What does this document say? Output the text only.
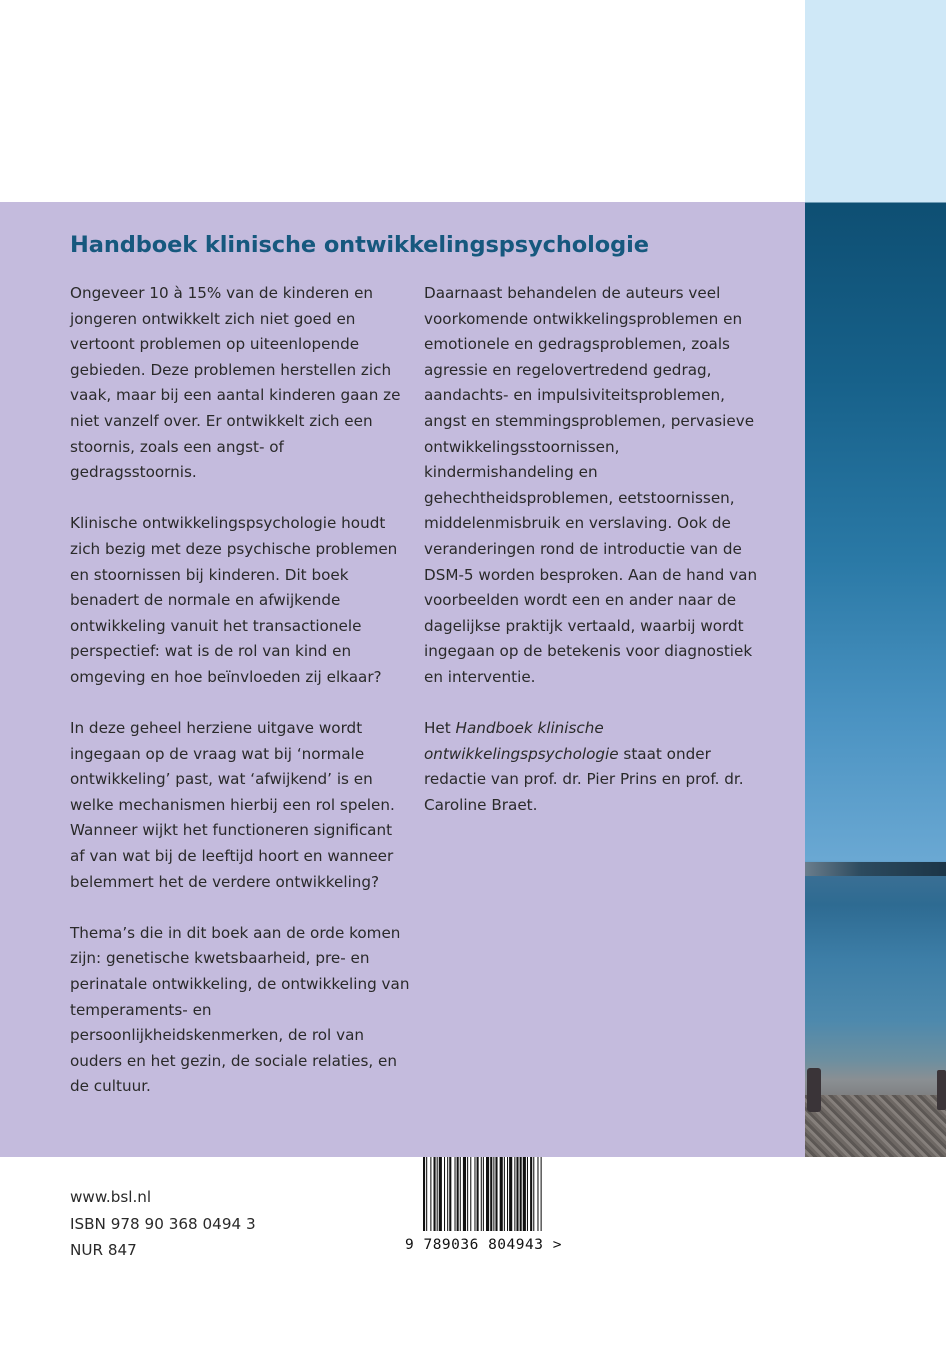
Handboek klinische ontwikkelingspsychologie

Ongeveer 10 à 15% van de kinderen en jongeren ontwikkelt zich niet goed en vertoont problemen op uiteenlopende gebieden. Deze problemen herstellen zich vaak, maar bij een aantal kinderen gaan ze niet vanzelf over. Er ontwikkelt zich een stoornis, zoals een angst- of gedragsstoornis.

Klinische ontwikkelingspsychologie houdt zich bezig met deze psychische problemen en stoornissen bij kinderen. Dit boek benadert de normale en afwijkende ontwikkeling vanuit het transactionele perspectief: wat is de rol van kind en omgeving en hoe beïnvloeden zij elkaar?

In deze geheel herziene uitgave wordt ingegaan op de vraag wat bij ‘normale ontwikkeling’ past, wat ‘afwijkend’ is en welke mechanismen hierbij een rol spelen. Wanneer wijkt het functioneren significant af van wat bij de leeftijd hoort en wanneer belemmert het de verdere ontwikkeling?

Thema’s die in dit boek aan de orde komen zijn: genetische kwetsbaarheid, pre- en perinatale ontwikkeling, de ontwikkeling van temperaments- en persoonlijkheidskenmerken, de rol van ouders en het gezin, de sociale relaties, en de cultuur.

Daarnaast behandelen de auteurs veel voorkomende ontwikkelingsproblemen en emotionele en gedragsproblemen, zoals agressie en regelovertredend gedrag, aandachts- en impulsiviteitsproblemen, angst en stemmingsproblemen, pervasieve ontwikkelingsstoornissen, kindermishandeling en gehechtheidsproblemen, eetstoornissen, middelenmisbruik en verslaving. Ook de veranderingen rond de introductie van de DSM-5 worden besproken. Aan de hand van voorbeelden wordt een en ander naar de dagelijkse praktijk vertaald, waarbij wordt ingegaan op de betekenis voor diagnostiek en interventie.

Het Handboek klinische ontwikkelingspsychologie staat onder redactie van prof. dr. Pier Prins en prof. dr. Caroline Braet.

www.bsl.nl
ISBN 978 90 368 0494 3
NUR 847	9 789036 804943 >
